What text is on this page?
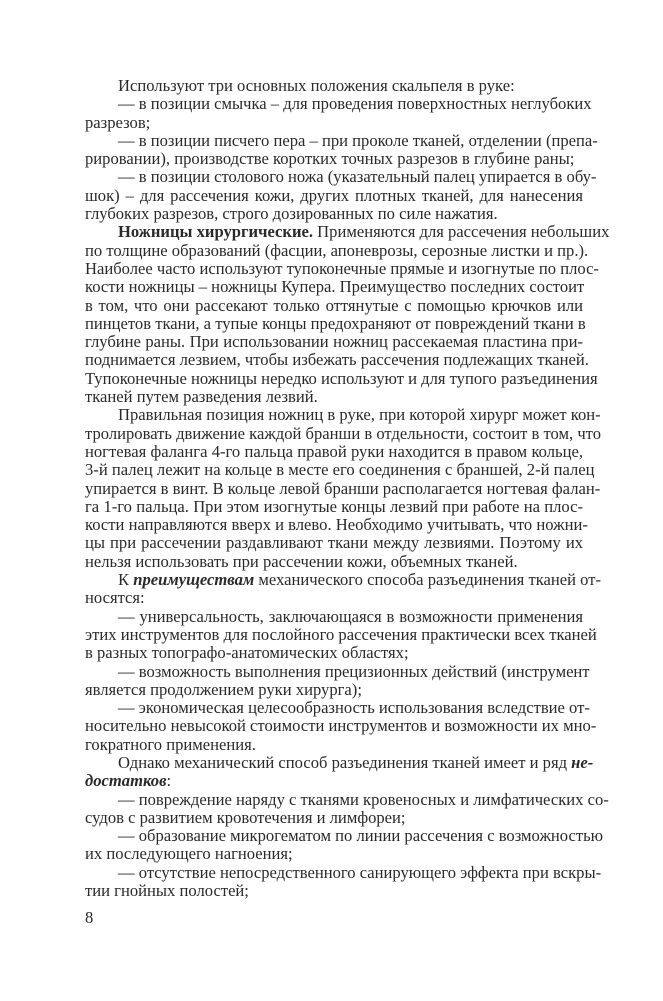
Используют три основных положения скальпеля в руке:
— в позиции смычка – для проведения поверхностных неглубоких
разрезов;
— в позиции писчего пера – при проколе тканей, отделении (препа-
рировании), производстве коротких точных разрезов в глубине раны;
— в позиции столового ножа (указательный палец упирается в обу-
шок) – для рассечения кожи, других плотных тканей, для нанесения
глубоких разрезов, строго дозированных по силе нажатия.
Ножницы хирургические. Применяются для рассечения небольших
по толщине образований (фасции, апоневрозы, серозные листки и пр.).
Наиболее часто используют тупоконечные прямые и изогнутые по плос-
кости ножницы – ножницы Купера. Преимущество последних состоит
в том, что они рассекают только оттянутые с помощью крючков или
пинцетов ткани, а тупые концы предохраняют от повреждений ткани в
глубине раны. При использовании ножниц рассекаемая пластина при-
поднимается лезвием, чтобы избежать рассечения подлежащих тканей.
Тупоконечные ножницы нередко используют и для тупого разъединения
тканей путем разведения лезвий.
Правильная позиция ножниц в руке, при которой хирург может кон-
тролировать движение каждой бранши в отдельности, состоит в том, что
ногтевая фаланга 4-го пальца правой руки находится в правом кольце,
3-й палец лежит на кольце в месте его соединения с браншей, 2-й палец
упирается в винт. В кольце левой бранши располагается ногтевая фалан-
га 1-го пальца. При этом изогнутые концы лезвий при работе на плос-
кости направляются вверх и влево. Необходимо учитывать, что ножни-
цы при рассечении раздавливают ткани между лезвиями. Поэтому их
нельзя использовать при рассечении кожи, объемных тканей.
К преимуществам механического способа разъединения тканей от-
носятся:
— универсальность, заключающаяся в возможности применения
этих инструментов для послойного рассечения практически всех тканей
в разных топографо-анатомических областях;
— возможность выполнения прецизионных действий (инструмент
является продолжением руки хирурга);
— экономическая целесообразность использования вследствие от-
носительно невысокой стоимости инструментов и возможности их мно-
гократного применения.
Однако механический способ разъединения тканей имеет и ряд не-
достатков:
— повреждение наряду с тканями кровеносных и лимфатических со-
судов с развитием кровотечения и лимфореи;
— образование микрогематом по линии рассечения с возможностью
их последующего нагноения;
— отсутствие непосредственного санирующего эффекта при вскры-
тии гнойных полостей;
8
